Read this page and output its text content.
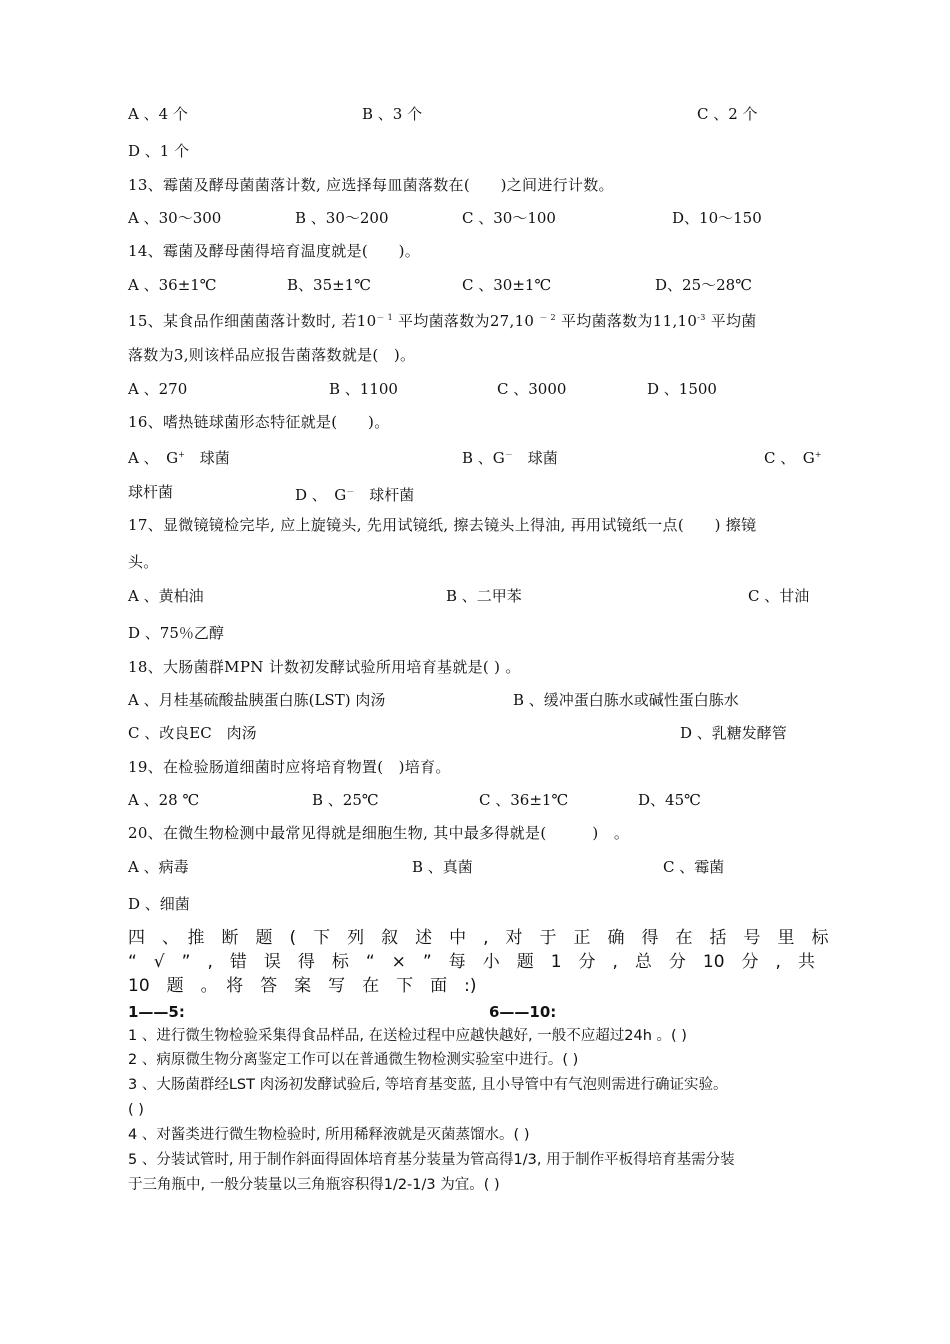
A 、4 个	B 、3 个	C 、2 个
D 、1 个
13、霉菌及酵母菌菌落计数, 应选择每皿菌落数在(　　)之间进行计数。
A 、30～300	B 、30～200	C 、30～100	D、10～150
14、霉菌及酵母菌得培育温度就是(　　)。
A 、36±1℃	B、35±1℃	C 、30±1℃	D、25～28℃
15、某食品作细菌菌落计数时, 若$10^{- 1}$ 平均菌落数为27,10 $^{- 2}$ 平均菌落数为$11,10^{-3}$ 平均菌
落数为3,则该样品应报告菌落数就是(　)。
A 、270	B 、1100	C 、3000	D 、1500
16、嗜热链球菌形态特征就是(　　)。
A 、　G+　球菌	B 、G－　球菌	C 、　G+
球杆菌	D 、　G－　球杆菌
17、显微镜镜检完毕, 应上旋镜头, 先用试镜纸, 擦去镜头上得油, 再用试镜纸一点(　　) 擦镜
头。
A 、黄柏油	B 、二甲苯	C 、甘油
D 、75％乙醇
18、大肠菌群MPN 计数初发酵试验所用培育基就是( ) 。
A 、月桂基硫酸盐胰蛋白胨(LST) 肉汤	B 、缓冲蛋白胨水或碱性蛋白胨水
C 、改良EC　肉汤	D 、乳糖发酵管
19、在检验肠道细菌时应将培育物置(　)培育。
A 、28 ℃	B 、25℃	C 、36±1℃	D、45℃
20、在微生物检测中最常见得就是细胞生物, 其中最多得就是(　　　)　。
A 、病毒	B 、真菌	C 、霉菌
D 、细菌
四　、　推　断　题　(　下　列　叙　述　中　,　对　于　正　确　得　在　括　号　里　标
“　√　”　,　错　误　得　标　“　×　”　每　小　题　1　分　,　总　分　10　分　,　共
10　题　。　将　答　案　写　在　下　面　:)
1——5:	6——10:
1 、进行微生物检验采集得食品样品, 在送检过程中应越快越好, 一般不应超过24h 。( )
2 、病原微生物分离鉴定工作可以在普通微生物检测实验室中进行。( )
3 、大肠菌群经LST 肉汤初发酵试验后, 等培育基变蓝, 且小导管中有气泡则需进行确证实验。
( )
4 、对酱类进行微生物检验时, 所用稀释液就是灭菌蒸馏水。( )
5 、分装试管时, 用于制作斜面得固体培育基分装量为管高得1/3, 用于制作平板得培育基需分装
于三角瓶中, 一般分装量以三角瓶容积得1/2-1/3 为宜。( )
